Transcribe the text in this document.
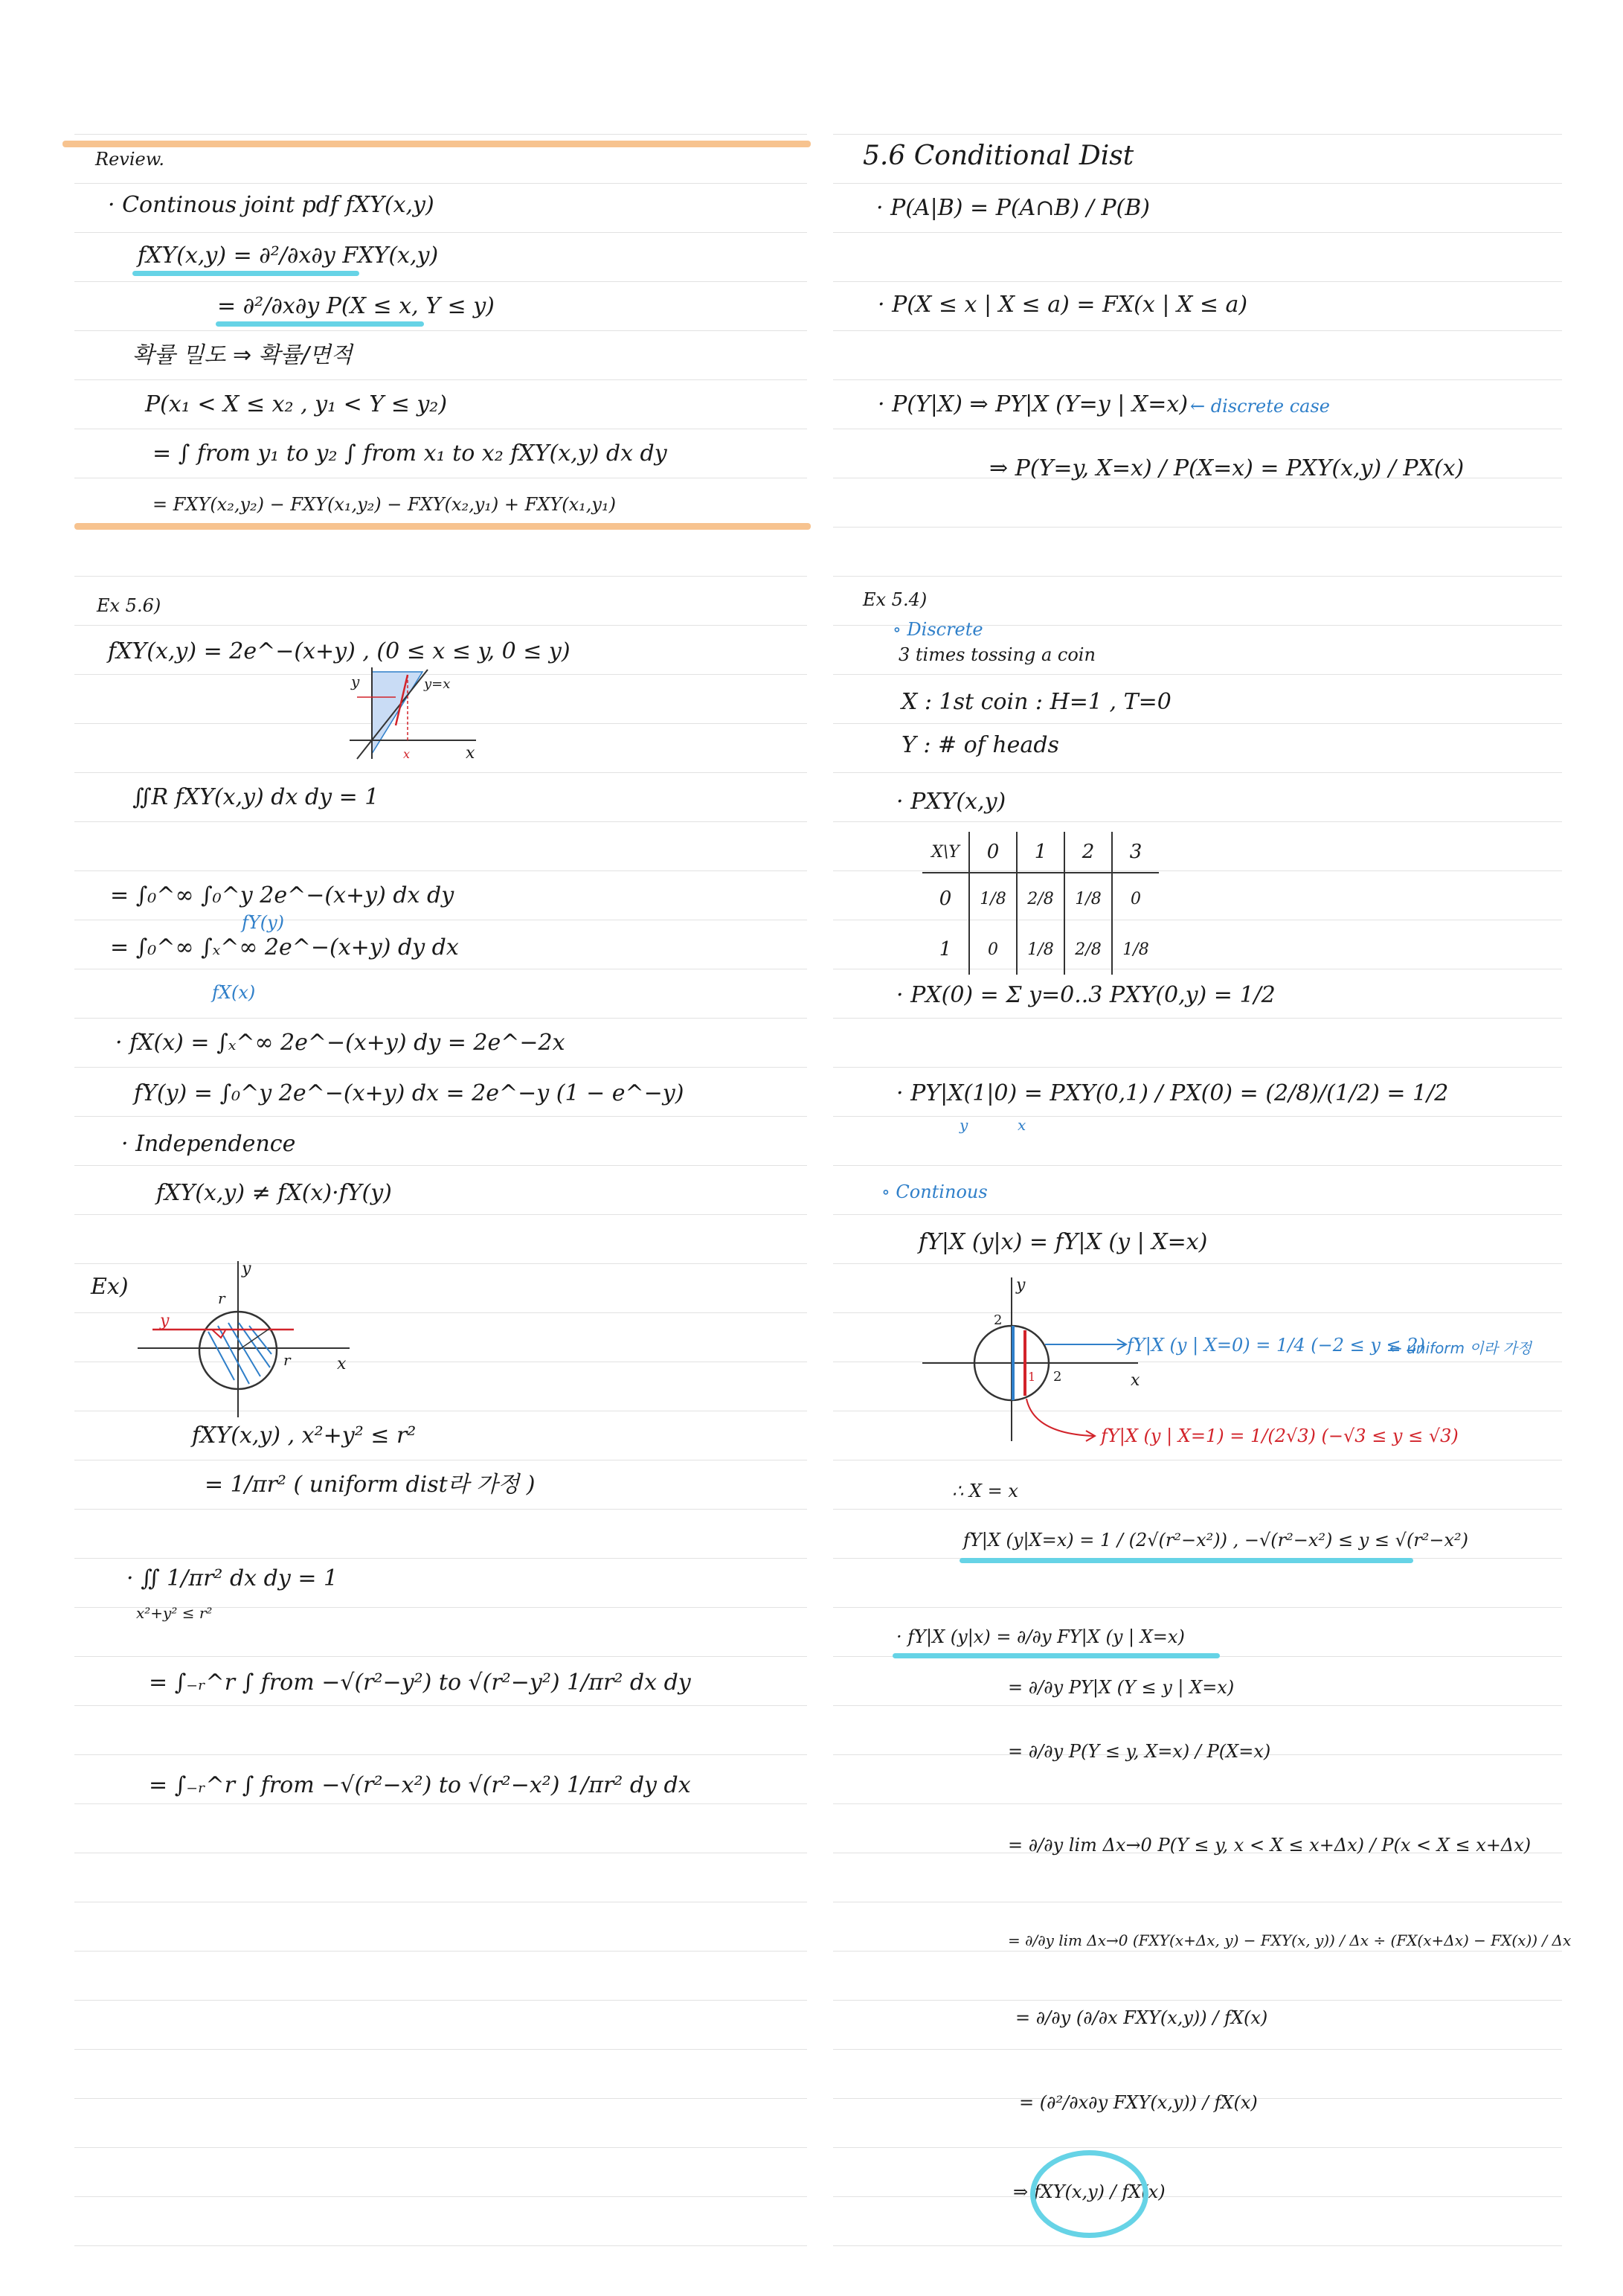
Review.
· Continous joint pdf fXY(x,y)
fXY(x,y) = ∂²/∂x∂y FXY(x,y)
= ∂²/∂x∂y P(X ≤ x, Y ≤ y)
확률 밀도 ⇒ 확률/면적
P(x₁ < X ≤ x₂ , y₁ < Y ≤ y₂)
= ∫ from y₁ to y₂ ∫ from x₁ to x₂ fXY(x,y) dx dy
= FXY(x₂,y₂) − FXY(x₁,y₂) − FXY(x₂,y₁) + FXY(x₁,y₁)
Ex 5.6)
fXY(x,y) = 2e^−(x+y) , (0 ≤ x ≤ y, 0 ≤ y)
y	y=x
x
x
∬R fXY(x,y) dx dy = 1
= ∫₀^∞ ∫₀^y 2e^−(x+y) dx dy
fY(y)
= ∫₀^∞ ∫ₓ^∞ 2e^−(x+y) dy dx
fX(x)
· fX(x) = ∫ₓ^∞ 2e^−(x+y) dy = 2e^−2x
fY(y) = ∫₀^y 2e^−(x+y) dx = 2e^−y (1 − e^−y)
· Independence
fXY(x,y) ≠ fX(x)·fY(y)
Ex)
y
x
r
r
y
fXY(x,y) , x²+y² ≤ r²
= 1/πr² ( uniform dist라 가정 )
· ∬ 1/πr² dx dy = 1
x²+y² ≤ r²
= ∫₋ᵣ^r ∫ from −√(r²−y²) to √(r²−y²) 1/πr² dx dy
= ∫₋ᵣ^r ∫ from −√(r²−x²) to √(r²−x²) 1/πr² dy dx
5.6 Conditional Dist
· P(A|B) = P(A∩B) / P(B)
· P(X ≤ x | X ≤ a) = FX(x | X ≤ a)
· P(Y|X) ⇒ PY|X (Y=y | X=x) ← discrete case
⇒ P(Y=y, X=x) / P(X=x) = PXY(x,y) / PX(x)
Ex 5.4)
∘ Discrete
3 times tossing a coin
X : 1st coin : H=1 , T=0
Y : # of heads
· PXY(x,y)
X\Y	0	1	2	3
0	1/8	2/8	1/8	0
1	0	1/8	2/8	1/8
· PX(0) = Σ y=0..3 PXY(0,y) = 1/2
· PY|X(1|0) = PXY(0,1) / PX(0) = (2/8)/(1/2) = 1/2
y	x
∘ Continous
fY|X (y|x) = fY|X (y | X=x)
y
x
2
2
1
fY|X (y | X=0) = 1/4 (−2 ≤ y ≤ 2)
← uniform 이라 가정
fY|X (y | X=1) = 1/(2√3) (−√3 ≤ y ≤ √3)
∴ X = x
fY|X (y|X=x) = 1 / (2√(r²−x²)) , −√(r²−x²) ≤ y ≤ √(r²−x²)
· fY|X (y|x) = ∂/∂y FY|X (y | X=x)
= ∂/∂y PY|X (Y ≤ y | X=x)
= ∂/∂y P(Y ≤ y, X=x) / P(X=x)
= ∂/∂y lim Δx→0 P(Y ≤ y, x < X ≤ x+Δx) / P(x < X ≤ x+Δx)
= ∂/∂y lim Δx→0 (FXY(x+Δx, y) − FXY(x, y)) / Δx ÷ (FX(x+Δx) − FX(x)) / Δx
= ∂/∂y (∂/∂x FXY(x,y)) / fX(x)
= (∂²/∂x∂y FXY(x,y)) / fX(x)
⇒ fXY(x,y) / fX(x)
